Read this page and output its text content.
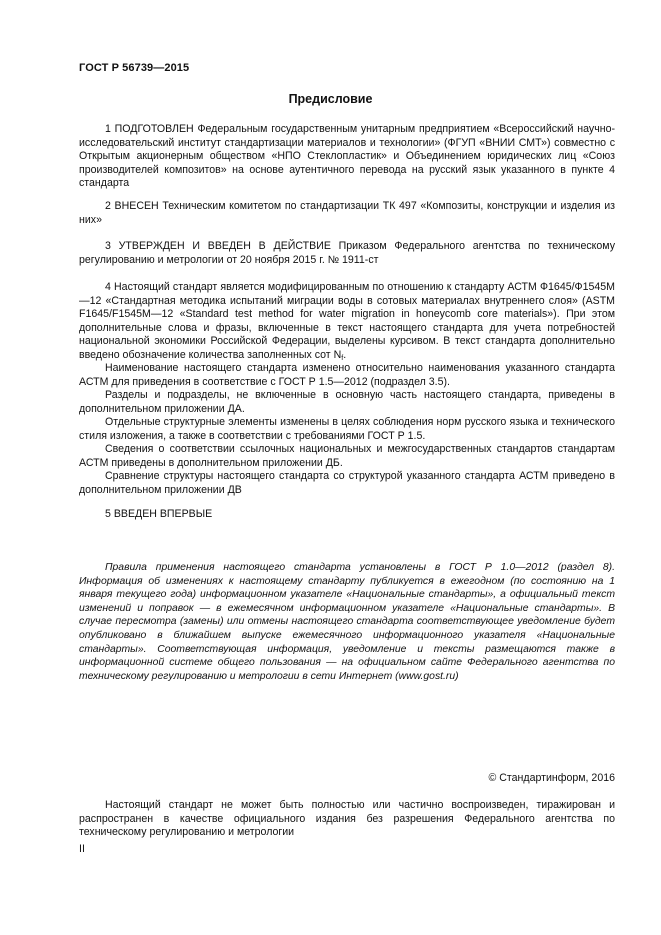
ГОСТ Р 56739—2015
Предисловие

1 ПОДГОТОВЛЕН Федеральным государственным унитарным предприятием «Всероссийский научно-исследовательский институт стандартизации материалов и технологии» (ФГУП «ВНИИ СМТ») совместно с Открытым акционерным обществом «НПО Стеклопластик» и Объединением юридических лиц «Союз производителей композитов» на основе аутентичного перевода на русский язык указанного в пункте 4 стандарта

2 ВНЕСЕН Техническим комитетом по стандартизации ТК 497 «Композиты, конструкции и изделия из них»

3 УТВЕРЖДЕН И ВВЕДЕН В ДЕЙСТВИЕ Приказом Федерального агентства по техническому регулированию и метрологии от 20 ноября 2015 г. № 1911-ст

4 Настоящий стандарт является модифицированным по отношению к стандарту АСТМ Ф1645/Ф1545М—12 «Стандартная методика испытаний миграции воды в сотовых материалах внутреннего слоя» (ASTM F1645/F1545M—12 «Standard test method for water migration in honeycomb core materials»). При этом дополнительные слова и фразы, включенные в текст настоящего стандарта для учета потребностей национальной экономики Российской Федерации, выделены курсивом. В текст стандарта дополнительно введено обозначение количества заполненных сот $N_f$.

Наименование настоящего стандарта изменено относительно наименования указанного стандарта АСТМ для приведения в соответствие с ГОСТ Р 1.5—2012 (подраздел 3.5).

Разделы и подразделы, не включенные в основную часть настоящего стандарта, приведены в дополнительном приложении ДА.

Отдельные структурные элементы изменены в целях соблюдения норм русского языка и технического стиля изложения, а также в соответствии с требованиями ГОСТ Р 1.5.

Сведения о соответствии ссылочных национальных и межгосударственных стандартов стандартам АСТМ приведены в дополнительном приложении ДБ.

Сравнение структуры настоящего стандарта со структурой указанного стандарта АСТМ приведено в дополнительном приложении ДВ

5 ВВЕДЕН ВПЕРВЫЕ

Правила применения настоящего стандарта установлены в ГОСТ Р 1.0—2012 (раздел 8). Информация об изменениях к настоящему стандарту публикуется в ежегодном (по состоянию на 1 января текущего года) информационном указателе «Национальные стандарты», а официальный текст изменений и поправок — в ежемесячном информационном указателе «Национальные стандарты». В случае пересмотра (замены) или отмены настоящего стандарта соответствующее уведомление будет опубликовано в ближайшем выпуске ежемесячного информационного указателя «Национальные стандарты». Соответствующая информация, уведомление и тексты размещаются также в информационной системе общего пользования — на официальном сайте Федерального агентства по техническому регулированию и метрологии в сети Интернет (www.gost.ru)

© Стандартинформ, 2016

Настоящий стандарт не может быть полностью или частично воспроизведен, тиражирован и распространен в качестве официального издания без разрешения Федерального агентства по техническому регулированию и метрологии

II
